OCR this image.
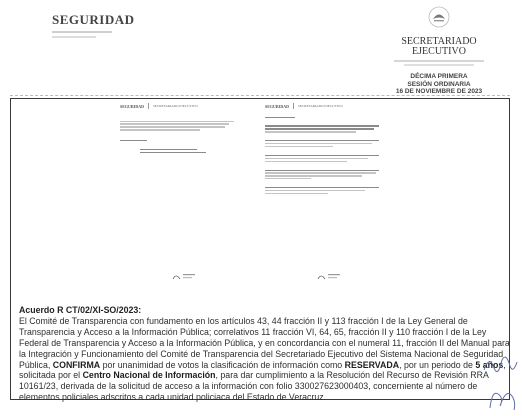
SEGURIDAD
SECRETARIADO
EJECUTIVO
DÉCIMA PRIMERA
SESIÓN ORDINARIA
16 DE NOVIEMBRE DE 2023
SEGURIDAD	SECRETARIADO EJECUTIVO	SEGURIDAD	SECRETARIADO EJECUTIVO
Acuerdo R CT/02/XI-SO/2023:
El Comité de Transparencia con fundamento en los artículos 43, 44 fracción II y 113 fracción I de la Ley General de Transparencia y Acceso a la Información Pública; correlativos 11 fracción VI, 64, 65, fracción II y 110 fracción I de la Ley Federal de Transparencia y Acceso a la Información Pública, y en concordancia con el numeral 11, fracción II del Manual para la Integración y Funcionamiento del Comité de Transparencia del Secretariado Ejecutivo del Sistema Nacional de Seguridad Pública, CONFIRMA por unanimidad de votos la clasificación de información como RESERVADA, por un periodo de 5 años, solicitada por el Centro Nacional de Información, para dar cumplimiento a la Resolución del Recurso de Revisión RRA 10161/23, derivada de la solicitud de acceso a la información con folio 330027623000403, concerniente al número de elementos policiales adscritos a cada unidad policiaca del Estado de Veracruz.
